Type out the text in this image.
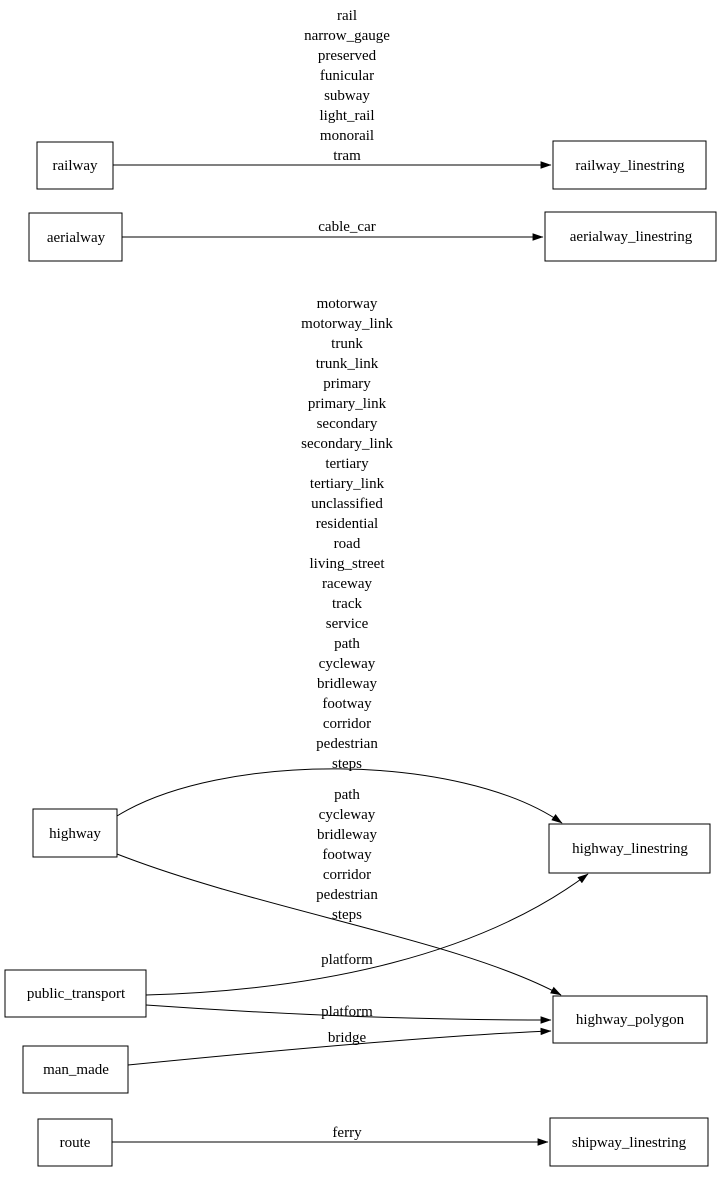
rail
narrow_gauge
preserved
funicular
subway
light_rail
monorail
tram
cable_car
motorway
motorway_link
trunk
trunk_link
primary
primary_link
secondary
secondary_link
tertiary
tertiary_link
unclassified
residential
road
living_street
raceway
track
service
path
cycleway
bridleway
footway
corridor
pedestrian
steps
path
cycleway
bridleway
footway
corridor
pedestrian
steps
platform
platform
bridge
ferry
railway	railway_linestring
aerialway	aerialway_linestring
highway
highway_linestring
public_transport
highway_polygon
man_made
route	shipway_linestring
